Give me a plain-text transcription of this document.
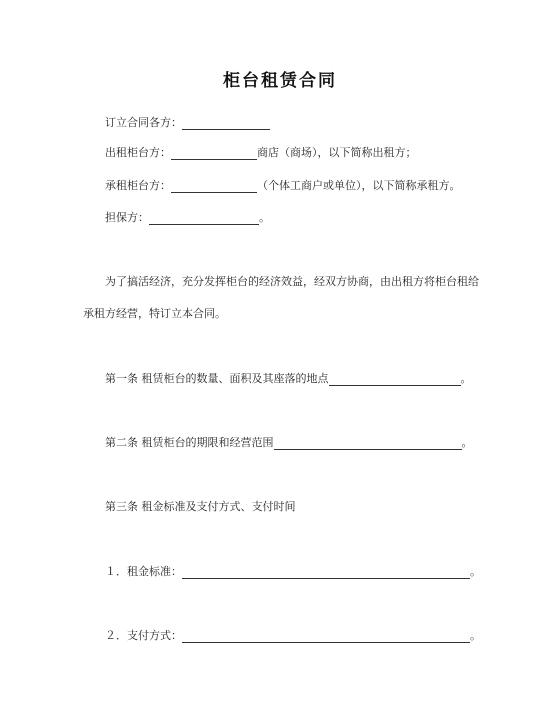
柜台租赁合同
订立合同各方：
出租柜台方：	商店（商场），以下简称出租方；
承租柜台方：	（个体工商户或单位），以下简称承租方。
担保方：	。
为了搞活经济，充分发挥柜台的经济效益，经双方协商，由出租方将柜台租给
承租方经营，特订立本合同。
第一条 租赁柜台的数量、面积及其座落的地点	。
第二条 租赁柜台的期限和经营范围	。
第三条 租金标准及支付方式、支付时间
１．租金标准：	。
２．支付方式：	。
